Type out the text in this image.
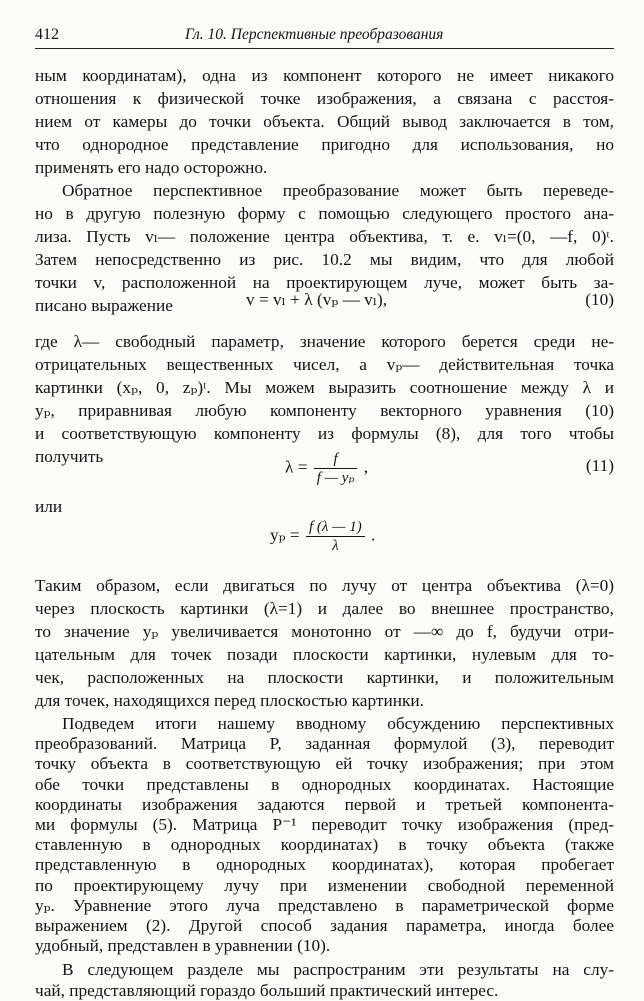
412	Гл. 10. Перспективные преобразования
ным координатам), одна из компонент которого не имеет никакого
отношения к физической точке изображения, а связана с расстоя-
нием от камеры до точки объекта. Общий вывод заключается в том,
что однородное представление пригодно для использования, но
применять его надо осторожно.
Обратное перспективное преобразование может быть переведе-
но в другую полезную форму с помощью следующего простого ана-
лиза. Пусть vₗ— положение центра объектива, т. е. vₗ=(0, —f, 0)ᵗ.
Затем непосредственно из рис. 10.2 мы видим, что для любой
точки v, расположенной на проектирующем луче, может быть за-
писано выражение	v = vₗ + λ (vₚ — vₗ),	(10)
где λ— свободный параметр, значение которого берется среди не-
отрицательных вещественных чисел, а vₚ— действительная точка
картинки (xₚ, 0, zₚ)ᵗ. Мы можем выразить соотношение между λ и
yₚ, приравнивая любую компоненту векторного уравнения (10)
и соответствующую компоненту из формулы (8), для того чтобы
получить
$\lambda = \frac{f}{\text{f — yₚ}}$ ,	(11)
или
$y_p = \frac{f (\lambda — 1)}{\lambda}$ .
Таким образом, если двигаться по лучу от центра объектива (λ=0)
через плоскость картинки (λ=1) и далее во внешнее пространство,
то значение yₚ увеличивается монотонно от —∞ до f, будучи отри-
цательным для точек позади плоскости картинки, нулевым для то-
чек, расположенных на плоскости картинки, и положительным
для точек, находящихся перед плоскостью картинки.
Подведем итоги нашему вводному обсуждению перспективных
преобразований. Матрица P, заданная формулой (3), переводит
точку объекта в соответствующую ей точку изображения; при этом
обе точки представлены в однородных координатах. Настоящие
координаты изображения задаются первой и третьей компонента-
ми формулы (5). Матрица P⁻¹ переводит точку изображения (пред-
ставленную в однородных координатах) в точку объекта (также
представленную в однородных координатах), которая пробегает
по проектирующему лучу при изменении свободной переменной
yₚ. Уравнение этого луча представлено в параметрической форме
выражением (2). Другой способ задания параметра, иногда более
удобный, представлен в уравнении (10).
В следующем разделе мы распространим эти результаты на слу-
чай, представляющий гораздо больший практический интерес.
